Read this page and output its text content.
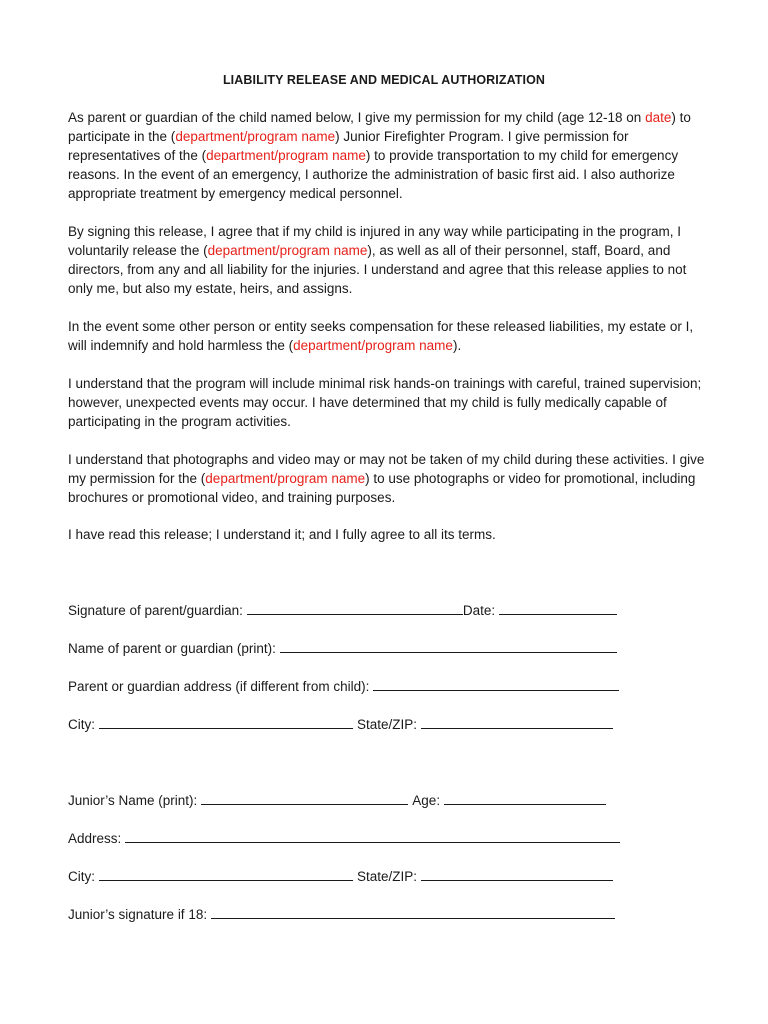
LIABILITY RELEASE AND MEDICAL AUTHORIZATION

As parent or guardian of the child named below, I give my permission for my child (age 12-18 on date) to participate in the (department/program name) Junior Firefighter Program. I give permission for representatives of the (department/program name) to provide transportation to my child for emergency reasons. In the event of an emergency, I authorize the administration of basic first aid. I also authorize appropriate treatment by emergency medical personnel.

By signing this release, I agree that if my child is injured in any way while participating in the program, I voluntarily release the (department/program name), as well as all of their personnel, staff, Board, and directors, from any and all liability for the injuries. I understand and agree that this release applies to not only me, but also my estate, heirs, and assigns.

In the event some other person or entity seeks compensation for these released liabilities, my estate or I, will indemnify and hold harmless the (department/program name).

I understand that the program will include minimal risk hands-on trainings with careful, trained supervision; however, unexpected events may occur. I have determined that my child is fully medically capable of participating in the program activities.

I understand that photographs and video may or may not be taken of my child during these activities. I give my permission for the (department/program name) to use photographs or video for promotional, including brochures or promotional video, and training purposes.

I have read this release; I understand it; and I fully agree to all its terms.

Signature of parent/guardian:	Date:
Name of parent or guardian (print):
Parent or guardian address (if different from child):
City:	State/ZIP:
Junior’s Name (print):	Age:
Address:
City:	State/ZIP:
Junior’s signature if 18:
